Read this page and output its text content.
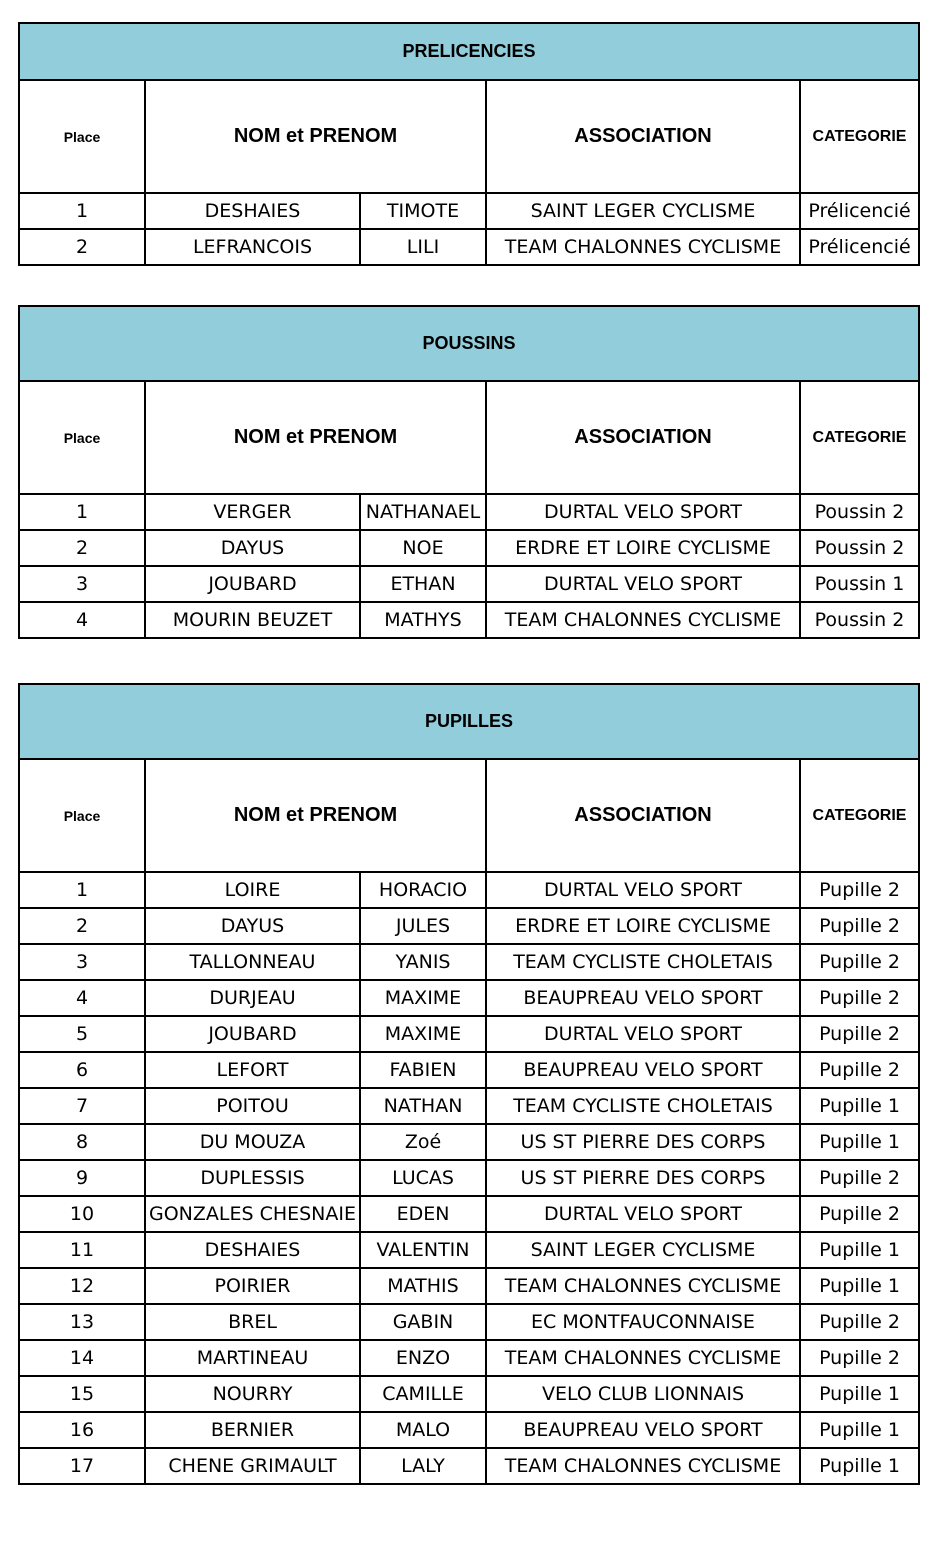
PRELICENCIES				
Place	NOM et PRENOM		ASSOCIATION	CATEGORIE
1	DESHAIES	TIMOTE	SAINT LEGER CYCLISME	Prélicencié
2	LEFRANCOIS	LILI	TEAM CHALONNES CYCLISME	Prélicencié
POUSSINS				
Place	NOM et PRENOM		ASSOCIATION	CATEGORIE
1	VERGER	NATHANAEL	DURTAL VELO SPORT	Poussin 2
2	DAYUS	NOE	ERDRE ET LOIRE CYCLISME	Poussin 2
3	JOUBARD	ETHAN	DURTAL VELO SPORT	Poussin 1
4	MOURIN BEUZET	MATHYS	TEAM CHALONNES CYCLISME	Poussin 2
PUPILLES				
Place	NOM et PRENOM		ASSOCIATION	CATEGORIE
1	LOIRE	HORACIO	DURTAL VELO SPORT	Pupille 2
2	DAYUS	JULES	ERDRE ET LOIRE CYCLISME	Pupille 2
3	TALLONNEAU	YANIS	TEAM CYCLISTE CHOLETAIS	Pupille 2
4	DURJEAU	MAXIME	BEAUPREAU VELO SPORT	Pupille 2
5	JOUBARD	MAXIME	DURTAL VELO SPORT	Pupille 2
6	LEFORT	FABIEN	BEAUPREAU VELO SPORT	Pupille 2
7	POITOU	NATHAN	TEAM CYCLISTE CHOLETAIS	Pupille 1
8	DU MOUZA	Zoé	US ST PIERRE DES CORPS	Pupille 1
9	DUPLESSIS	LUCAS	US ST PIERRE DES CORPS	Pupille 2
10	GONZALES CHESNAIE	EDEN	DURTAL VELO SPORT	Pupille 2
11	DESHAIES	VALENTIN	SAINT LEGER CYCLISME	Pupille 1
12	POIRIER	MATHIS	TEAM CHALONNES CYCLISME	Pupille 1
13	BREL	GABIN	EC MONTFAUCONNAISE	Pupille 2
14	MARTINEAU	ENZO	TEAM CHALONNES CYCLISME	Pupille 2
15	NOURRY	CAMILLE	VELO CLUB LIONNAIS	Pupille 1
16	BERNIER	MALO	BEAUPREAU VELO SPORT	Pupille 1
17	CHENE GRIMAULT	LALY	TEAM CHALONNES CYCLISME	Pupille 1
